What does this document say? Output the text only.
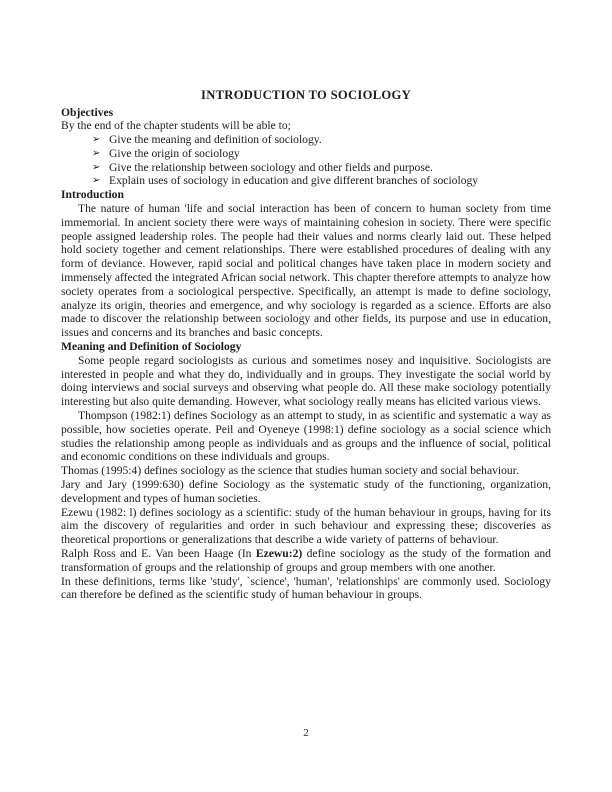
INTRODUCTION TO SOCIOLOGY
Objectives

By the end of the chapter students will be able to;

➢ Give the meaning and definition of sociology.
➢ Give the origin of sociology
➢ Give the relationship between sociology and other fields and purpose.
➢ Explain uses of sociology in education and give different branches of sociology
Introduction

The nature of human 'life and social interaction has been of concern to human society from time immemorial. In ancient society there were ways of maintaining cohesion in society. There were specific people assigned leadership roles. The people had their values and norms clearly laid out. These helped hold society together and cement relationships. There were established procedures of dealing with any form of deviance. However, rapid social and political changes have taken place in modern society and immensely affected the integrated African social network. This chapter therefore attempts to analyze how society operates from a sociological perspective. Specifically, an attempt is made to define sociology, analyze its origin, theories and emergence, and why sociology is regarded as a science. Efforts are also made to discover the relationship between sociology and other fields, its purpose and use in education, issues and concerns and its branches and basic concepts.

Meaning and Definition of Sociology

Some people regard sociologists as curious and sometimes nosey and inquisitive. Sociologists are interested in people and what they do, individually and in groups. They investigate the social world by doing interviews and social surveys and observing what people do. All these make sociology potentially interesting but also quite demanding. However, what sociology really means has elicited various views.

Thompson (1982:1) defines Sociology as an attempt to study, in as scientific and systematic a way as possible, how societies operate. Peil and Oyeneye (1998:1) define sociology as a social science which studies the relationship among people as individuals and as groups and the influence of social, political and economic conditions on these individuals and groups.

Thomas (1995:4) defines sociology as the science that studies human society and social behaviour.

Jary and Jary (1999:630) define Sociology as the systematic study of the functioning, organization, development and types of human societies.

Ezewu (1982: l) defines sociology as a scientific: study of the human behaviour in groups, having for its aim the discovery of regularities and order in such behaviour and expressing these; discoveries as theoretical proportions or generalizations that describe a wide variety of patterns of behaviour.

Ralph Ross and E. Van been Haage (In Ezewu:2) define sociology as the study of the formation and transformation of groups and the relationship of groups and group members with one another.

In these definitions, terms like 'study', `science', 'human', 'relationships' are commonly used. Sociology can therefore be defined as the scientific study of human behaviour in groups.

2
